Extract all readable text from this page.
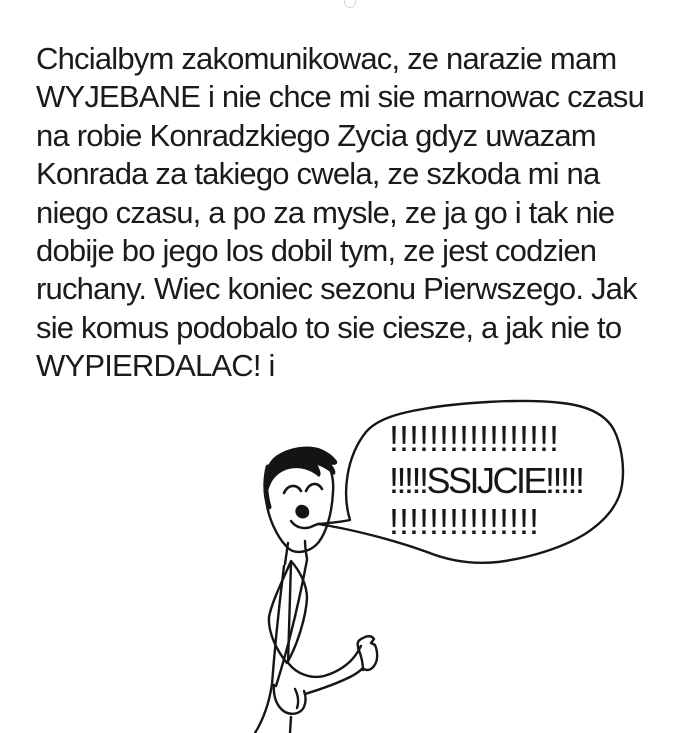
Chcialbym zakomunikowac, ze narazie mam
WYJEBANE i nie chce mi sie marnowac czasu
na robie Konradzkiego Zycia gdyz uwazam
Konrada za takiego cwela, ze szkoda mi na
niego czasu, a po za mysle, ze ja go i tak nie
dobije bo jego los dobil tym, ze jest codzien
ruchany. Wiec koniec sezonu Pierwszego. Jak
sie komus podobalo to sie ciesze, a jak nie to
WYPIERDALAC! i
!!!!!!!!!!!!!!!!!
!!!!!SSIJCIE!!!!!
!!!!!!!!!!!!!!!
